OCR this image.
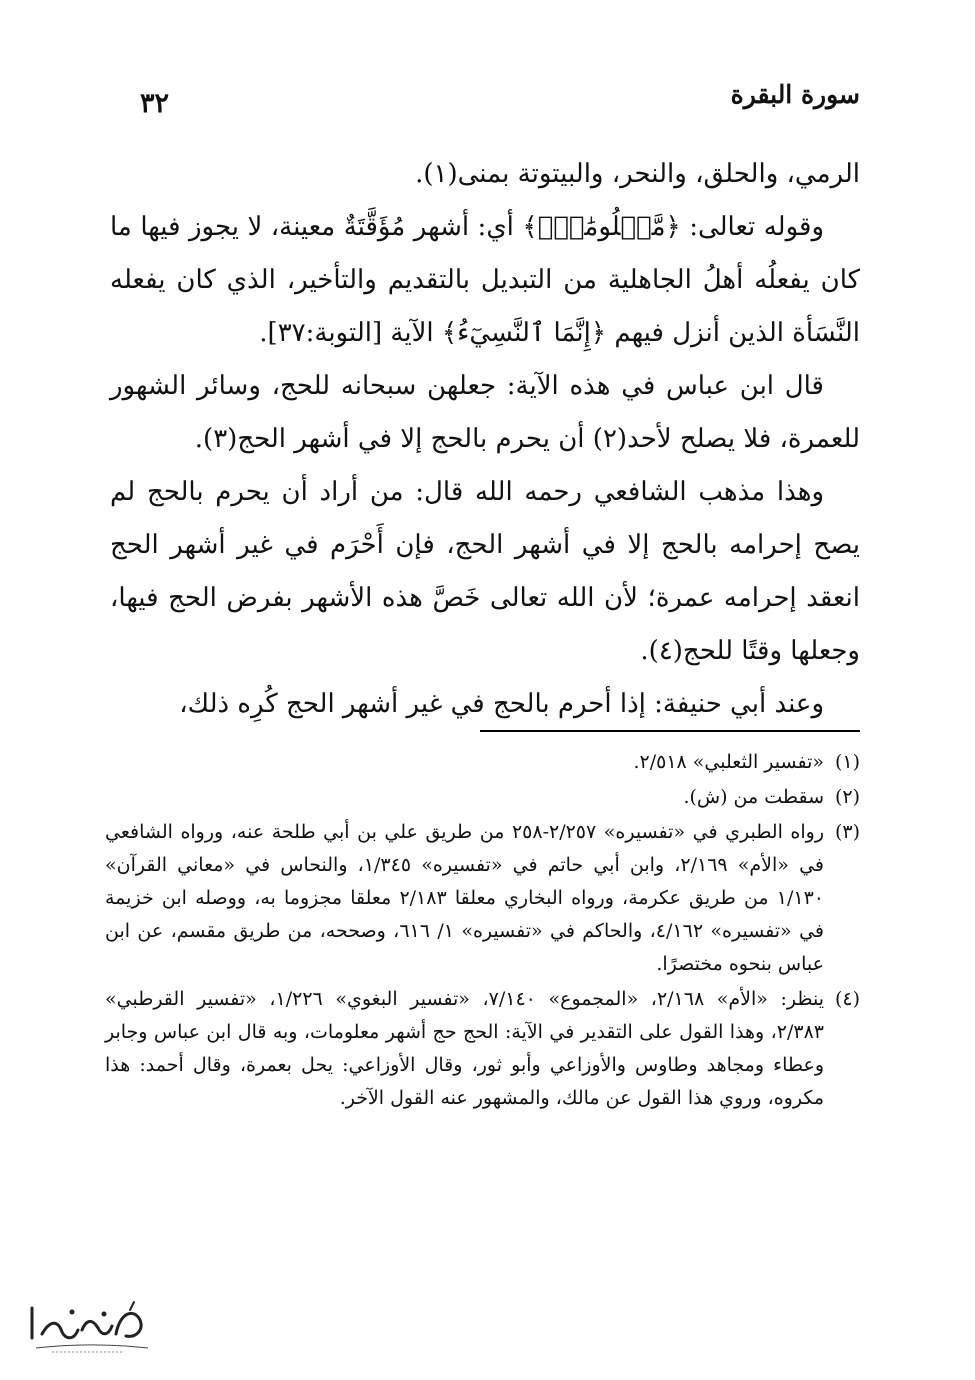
سورة البقرة
٣٢

الرمي، والحلق، والنحر، والبيتوتة بمنى(١).

وقوله تعالى: ﴿مَّعۡلُومَٰتٞۚ﴾ أي: أشهر مُؤَقَّتَةٌ معينة، لا يجوز فيها ما كان يفعلُه أهلُ الجاهلية من التبديل بالتقديم والتأخير، الذي كان يفعله النَّسَأة الذين أنزل فيهم ﴿إِنَّمَا ٱلنَّسِيٓءُ﴾ الآية [التوبة:٣٧].

قال ابن عباس في هذه الآية: جعلهن سبحانه للحج، وسائر الشهور للعمرة، فلا يصلح لأحد(٢) أن يحرم بالحج إلا في أشهر الحج(٣).

وهذا مذهب الشافعي رحمه الله قال: من أراد أن يحرم بالحج لم يصح إحرامه بالحج إلا في أشهر الحج، فإن أَحْرَم في غير أشهر الحج انعقد إحرامه عمرة؛ لأن الله تعالى خَصَّ هذه الأشهر بفرض الحج فيها، وجعلها وقتًا للحج(٤).

وعند أبي حنيفة: إذا أحرم بالحج في غير أشهر الحج كُرِه ذلك،

(١)«تفسير الثعلبي» ٢/٥١٨.

(٢)سقطت من (ش).

(٣)رواه الطبري في «تفسيره» ٢/٢٥٧-٢٥٨ من طريق علي بن أبي طلحة عنه، ورواه الشافعي في «الأم» ٢/١٦٩، وابن أبي حاتم في «تفسيره» ١/٣٤٥، والنحاس في «معاني القرآن» ١/١٣٠ من طريق عكرمة، ورواه البخاري معلقا ٢/١٨٣ معلقا مجزوما به، ووصله ابن خزيمة في «تفسيره» ٤/١٦٢، والحاكم في «تفسيره» ١/ ٦١٦، وصححه، من طريق مقسم، عن ابن عباس بنحوه مختصرًا.

(٤)ينظر: «الأم» ٢/١٦٨، «المجموع» ٧/١٤٠، «تفسير البغوي» ١/٢٢٦، «تفسير القرطبي» ٢/٣٨٣، وهذا القول على التقدير في الآية: الحج حج أشهر معلومات، وبه قال ابن عباس وجابر وعطاء ومجاهد وطاوس والأوزاعي وأبو ثور، وقال الأوزاعي: يحل بعمرة، وقال أحمد: هذا مكروه، وروي هذا القول عن مالك، والمشهور عنه القول الآخر.
